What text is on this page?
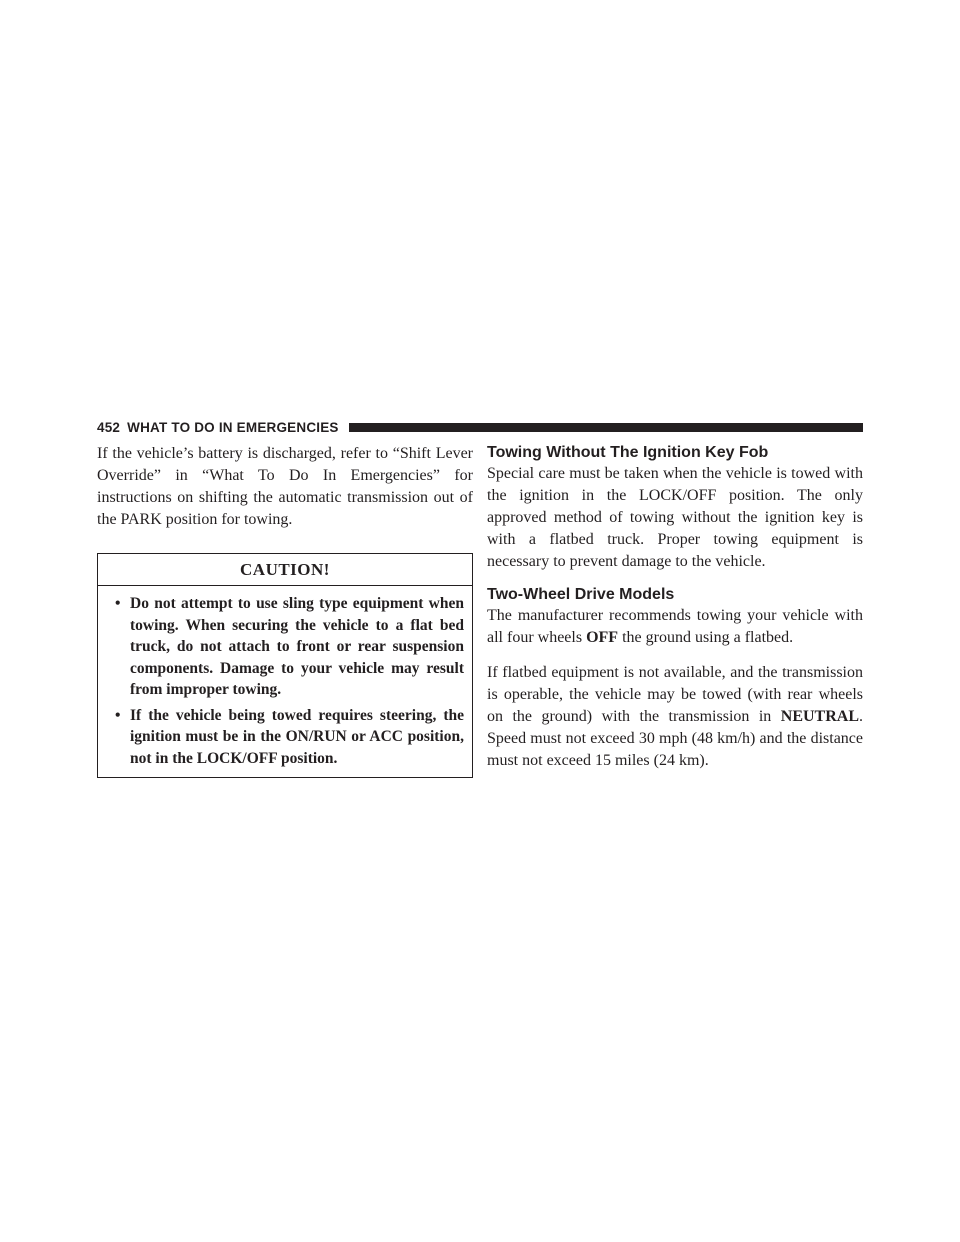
452 WHAT TO DO IN EMERGENCIES

If the vehicle’s battery is discharged, refer to “Shift Lever Override” in “What To Do In Emergencies” for instructions on shifting the automatic transmission out of the PARK position for towing.

CAUTION!
• Do not attempt to use sling type equipment when towing. When securing the vehicle to a flat bed truck, do not attach to front or rear suspension components. Damage to your vehicle may result from improper towing.
• If the vehicle being towed requires steering, the ignition must be in the ON/RUN or ACC position, not in the LOCK/OFF position.
Towing Without The Ignition Key Fob

Special care must be taken when the vehicle is towed with the ignition in the LOCK/OFF position. The only approved method of towing without the ignition key is with a flatbed truck. Proper towing equipment is necessary to prevent damage to the vehicle.

Two-Wheel Drive Models

The manufacturer recommends towing your vehicle with all four wheels OFF the ground using a flatbed.

If flatbed equipment is not available, and the transmission is operable, the vehicle may be towed (with rear wheels on the ground) with the transmission in NEUTRAL. Speed must not exceed 30 mph (48 km/h) and the distance must not exceed 15 miles (24 km).
